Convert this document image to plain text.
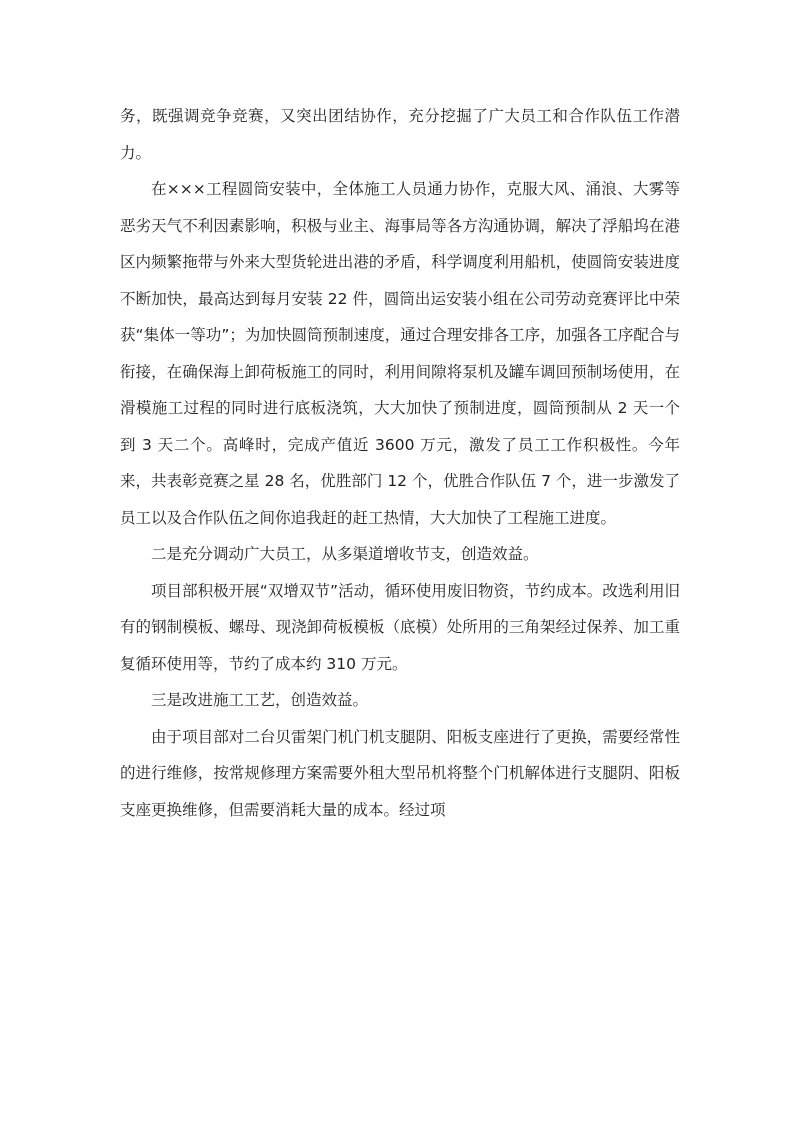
务，既强调竞争竞赛，又突出团结协作，充分挖掘了广大员工和合作队伍工作潜力。

在×××工程圆筒安装中，全体施工人员通力协作，克服大风、涌浪、大雾等恶劣天气不利因素影响，积极与业主、海事局等各方沟通协调，解决了浮船坞在港区内频繁拖带与外来大型货轮进出港的矛盾，科学调度利用船机，使圆筒安装进度不断加快，最高达到每月安装 22 件，圆筒出运安装小组在公司劳动竞赛评比中荣获“集体一等功”；为加快圆筒预制速度，通过合理安排各工序，加强各工序配合与衔接，在确保海上卸荷板施工的同时，利用间隙将泵机及罐车调回预制场使用，在滑模施工过程的同时进行底板浇筑，大大加快了预制进度，圆筒预制从 2 天一个到 3 天二个。高峰时，完成产值近 3600 万元，激发了员工工作积极性。今年来，共表彰竞赛之星 28 名，优胜部门 12 个，优胜合作队伍 7 个，进一步激发了员工以及合作队伍之间你追我赶的赶工热情，大大加快了工程施工进度。

二是充分调动广大员工，从多渠道增收节支，创造效益。

项目部积极开展“双增双节”活动，循环使用废旧物资，节约成本。改选利用旧有的钢制模板、螺母、现浇卸荷板模板（底模）处所用的三角架经过保养、加工重复循环使用等，节约了成本约 310 万元。

三是改进施工工艺，创造效益。

由于项目部对二台贝雷架门机门机支腿阴、阳板支座进行了更换，需要经常性的进行维修，按常规修理方案需要外租大型吊机将整个门机解体进行支腿阴、阳板支座更换维修，但需要消耗大量的成本。经过项
